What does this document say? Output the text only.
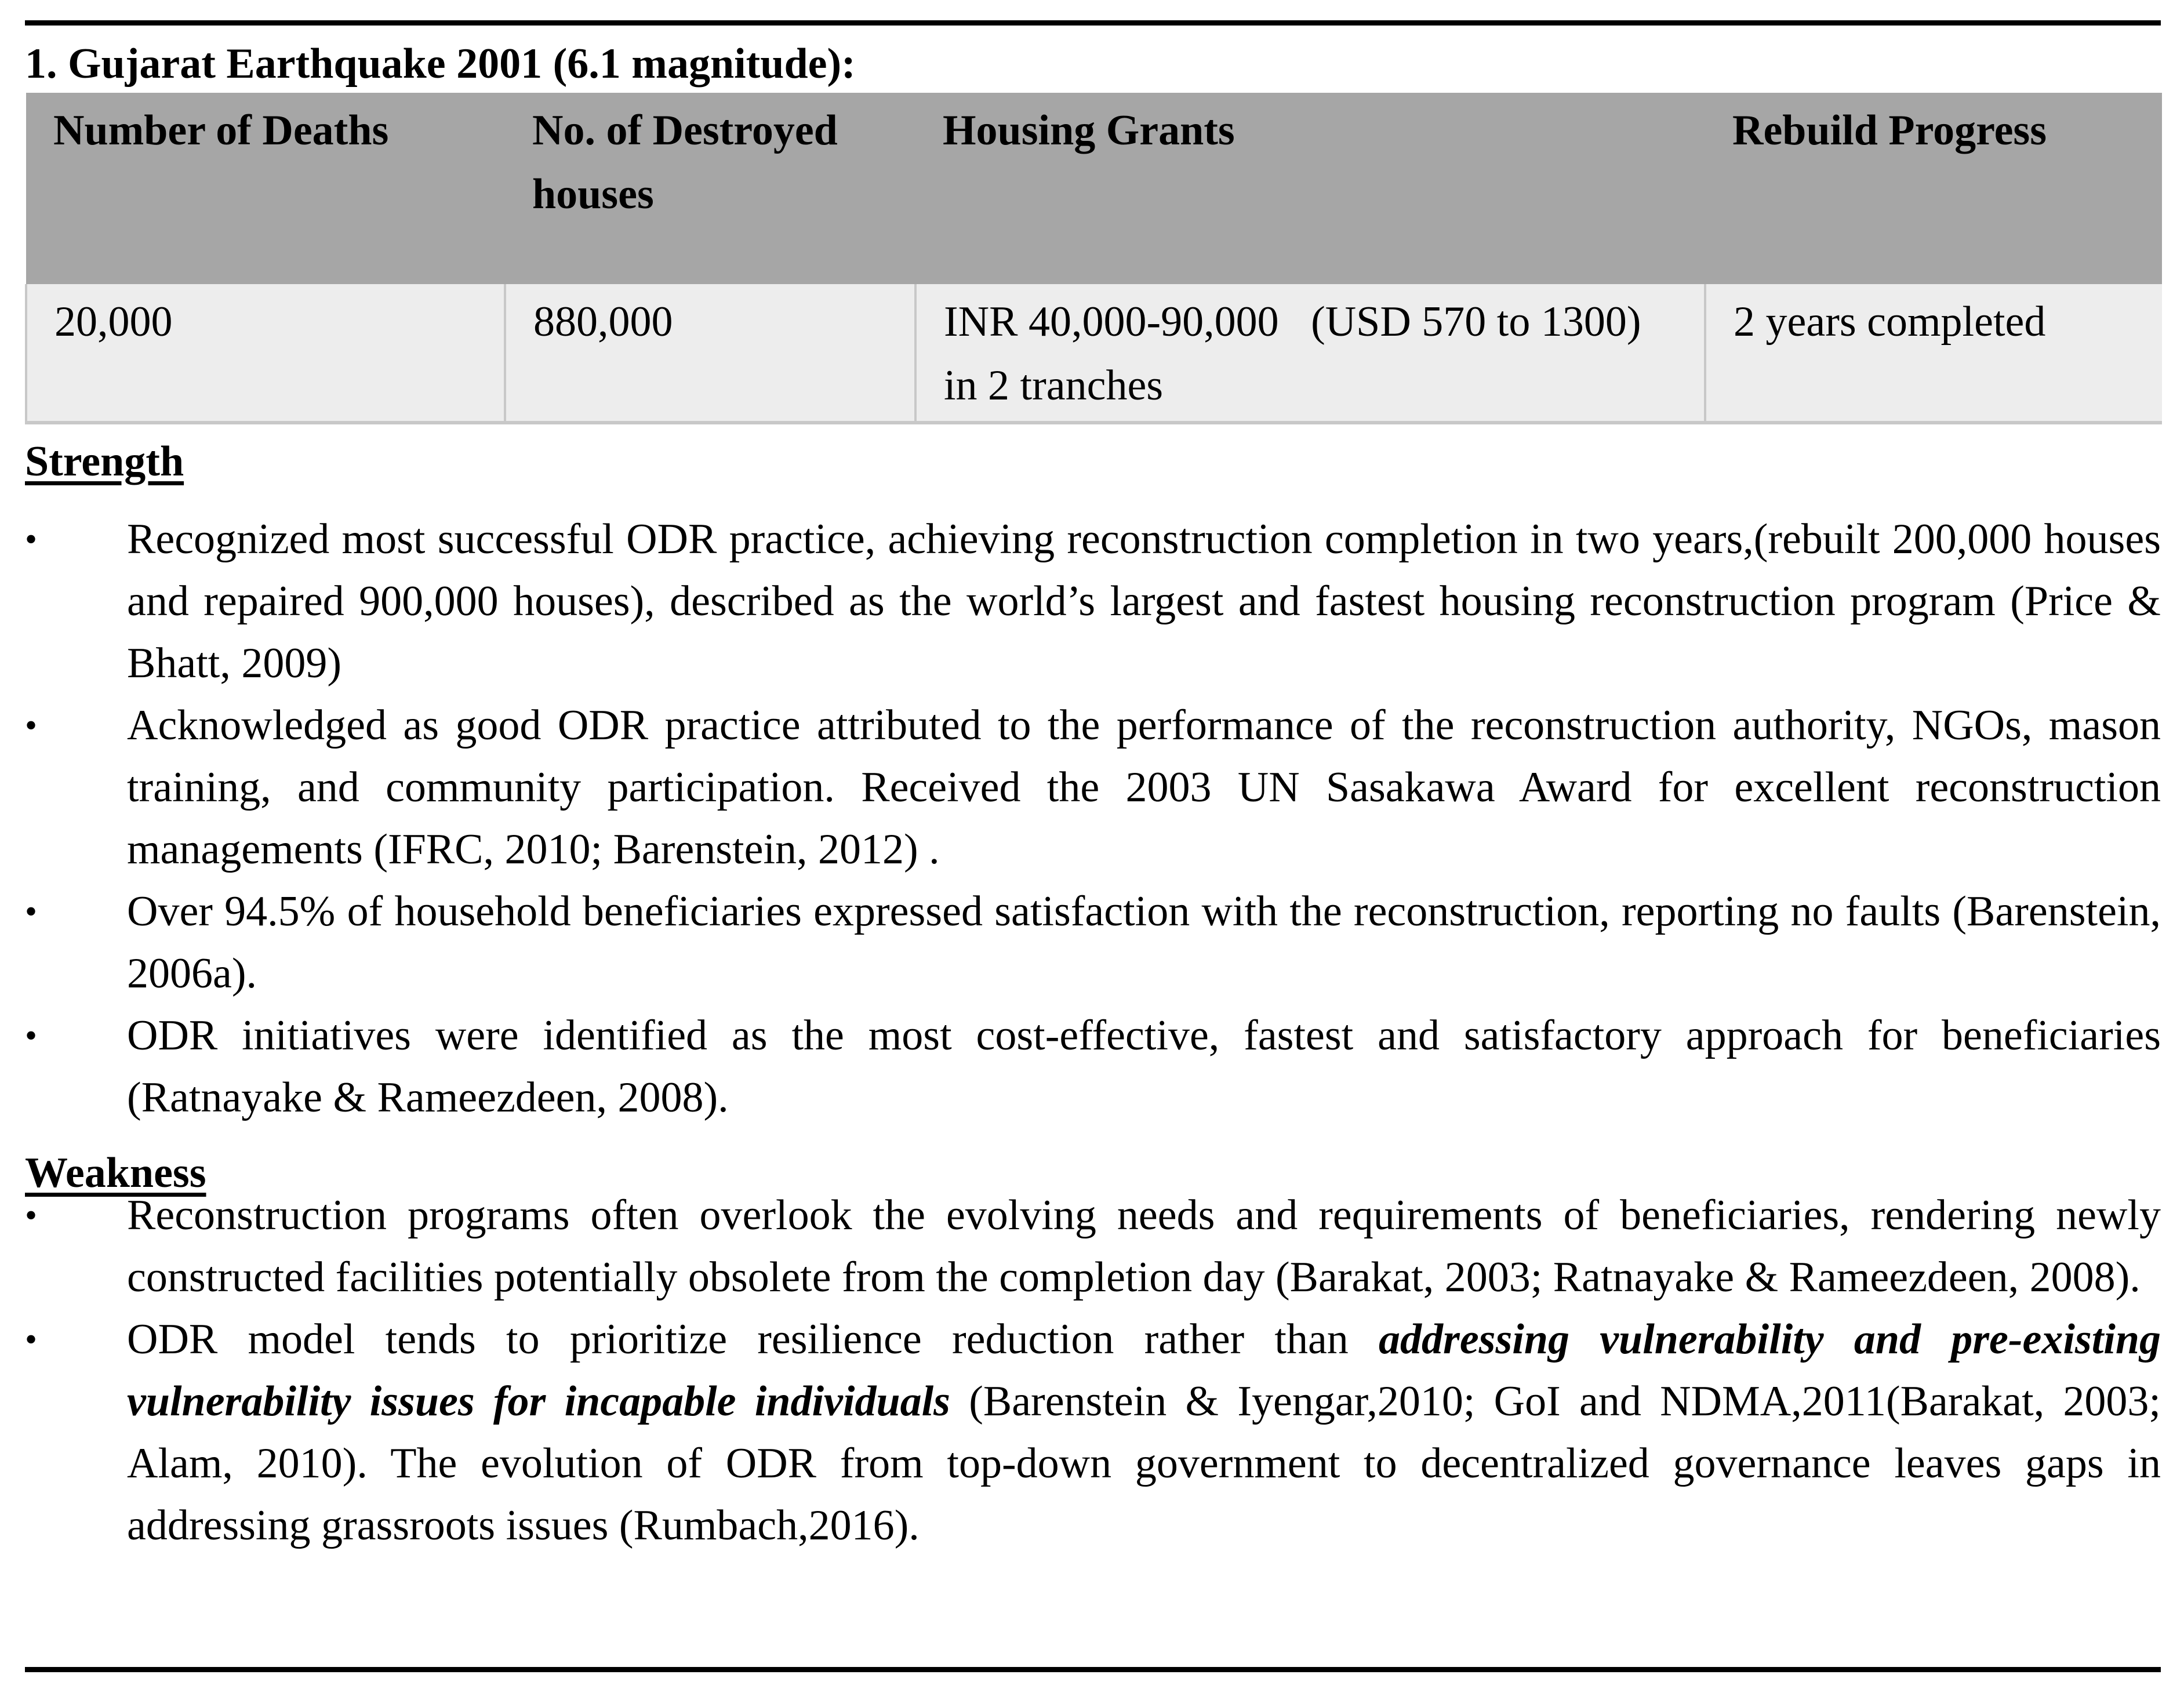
1. Gujarat Earthquake 2001 (6.1 magnitude):
Number of Deaths	No. of Destroyed houses	Housing Grants	Rebuild Progress
20,000	880,000	INR 40,000-90,000   (USD 570 to 1300) in 2 tranches	2 years completed
Strength
•	Recognized most successful ODR practice, achieving reconstruction completion in two years,(rebuilt 200,000 houses and repaired 900,000 houses), described as the world’s largest and fastest housing reconstruction program (Price & Bhatt, 2009)
•	Acknowledged as good ODR practice attributed to the performance of the reconstruction authority, NGOs, mason training, and community participation. Received the 2003 UN Sasakawa Award for excellent reconstruction managements (IFRC, 2010; Barenstein, 2012) .
•	Over 94.5% of household beneficiaries expressed satisfaction with the reconstruction, reporting no faults (Barenstein, 2006a).
•	ODR initiatives were identified as the most cost-effective, fastest and satisfactory approach for beneficiaries (Ratnayake & Rameezdeen, 2008).
Weakness
•	Reconstruction programs often overlook the evolving needs and requirements of beneficiaries, rendering newly constructed facilities potentially obsolete from the completion day (Barakat, 2003; Ratnayake & Rameezdeen, 2008).
•	ODR model tends to prioritize resilience reduction rather than addressing vulnerability and pre-existing vulnerability issues for incapable individuals (Barenstein & Iyengar,2010; GoI and NDMA,2011(Barakat, 2003; Alam, 2010). The evolution of ODR from top-down government to decentralized governance leaves gaps in addressing grassroots issues (Rumbach,2016).
